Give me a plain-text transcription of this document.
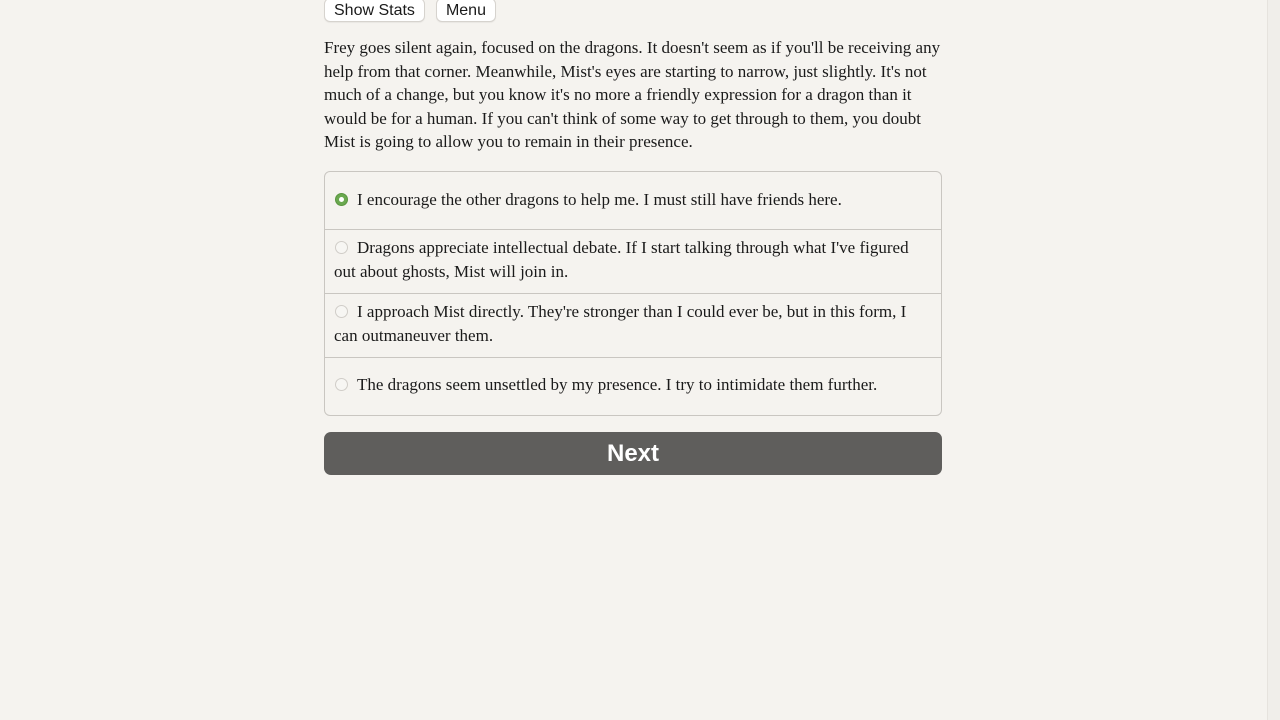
Show Stats	Menu

Frey goes silent again, focused on the dragons. It doesn't seem as if you'll be receiving any help from that corner. Meanwhile, Mist's eyes are starting to narrow, just slightly. It's not much of a change, but you know it's no more a friendly expression for a dragon than it would be for a human. If you can't think of some way to get through to them, you doubt Mist is going to allow you to remain in their presence.

I encourage the other dragons to help me. I must still have friends here.
Dragons appreciate intellectual debate. If I start talking through what I've figured out about ghosts, Mist will join in.
I approach Mist directly. They're stronger than I could ever be, but in this form, I can outmaneuver them.
The dragons seem unsettled by my presence. I try to intimidate them further.
Next
